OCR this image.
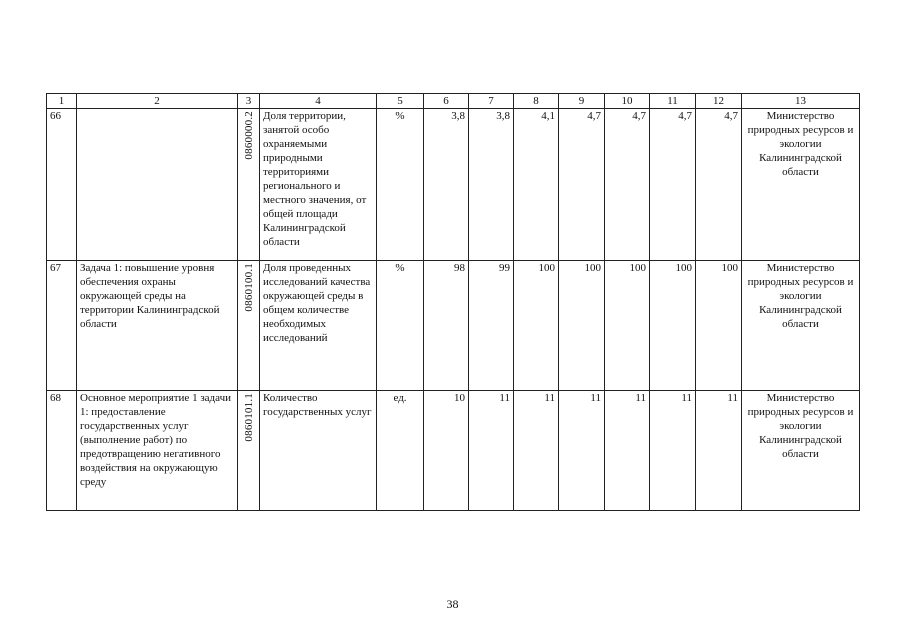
1	2	3	4	5	6	7	8	9	10	11	12	13
66		0860000.2	Доля территории, занятой особо охраняемыми природными территориями регионального и местного значения, от общей площади Калининградской области	%	3,8	3,8	4,1	4,7	4,7	4,7	4,7	Министерство природных ресурсов и экологии Калининградской области
67	Задача 1: повышение уровня обеспечения охраны окружающей среды на территории Калининградской области	0860100.1	Доля проведенных исследований качества окружающей среды в общем количестве необходимых исследований	%	98	99	100	100	100	100	100	Министерство природных ресурсов и экологии Калининградской области
68	Основное мероприятие 1 задачи 1: предоставление государственных услуг (выполнение работ) по предотвращению негативного воздействия на окружающую среду	0860101.1	Количество государственных услуг	ед.	10	11	11	11	11	11	11	Министерство природных ресурсов и экологии Калининградской области
38
